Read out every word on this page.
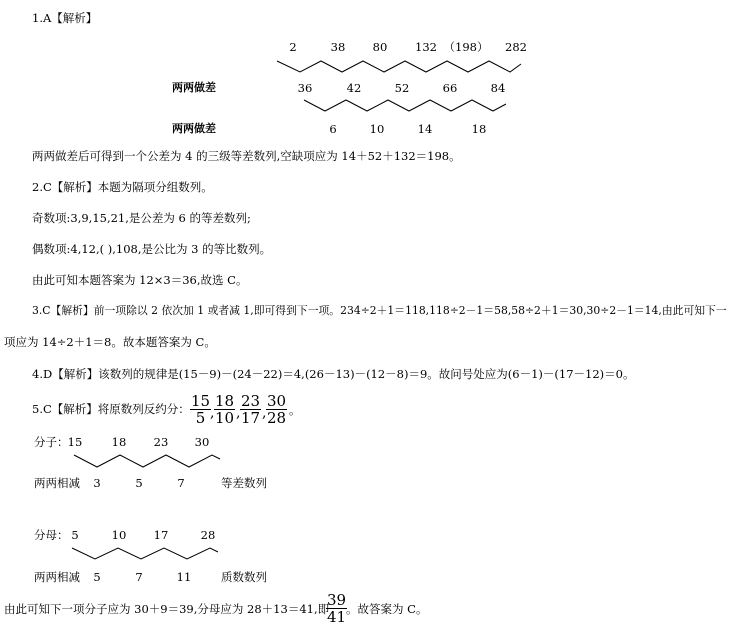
1.A【解析】
2	38 80 132 （198） 282
两两做差	36	42	52	66	84
两两做差	6	10	14	18
两两做差后可得到一个公差为 4 的三级等差数列,空缺项应为 14＋52＋132＝198。
2.C【解析】本题为隔项分组数列。
奇数项:3,9,15,21,是公差为 6 的等差数列;
偶数项:4,12,( ),108,是公比为 3 的等比数列。
由此可知本题答案为 12×3＝36,故选 C。
3.C【解析】前一项除以 2 依次加 1 或者减 1,即可得到下一项。234÷2＋1＝118,118÷2－1＝58,58÷2＋1＝30,30÷2－1＝14,由此可知下一
项应为 14÷2＋1＝8。故本题答案为 C。
4.D【解析】该数列的规律是(15－9)－(24－22)＝4,(26－13)－(12－8)＝9。故问号处应为(6－1)－(17－12)＝0。
5.C【解析】将原数列反约分： $\frac{15}{5}$
, $\frac{18}{10}$ , $\frac{23}{17}$ , $\frac{30}{28}$ 。
分子： 15	18	23	30
两两相减 3	5	7	等差数列
分母： 5	10	17	28
两两相减 5	7	11	质数数列
由此可知下一项分子应为 30＋9＝39,分母应为 28＋13＝41,即
$\frac{39}{41}$
。故答案为 C。
